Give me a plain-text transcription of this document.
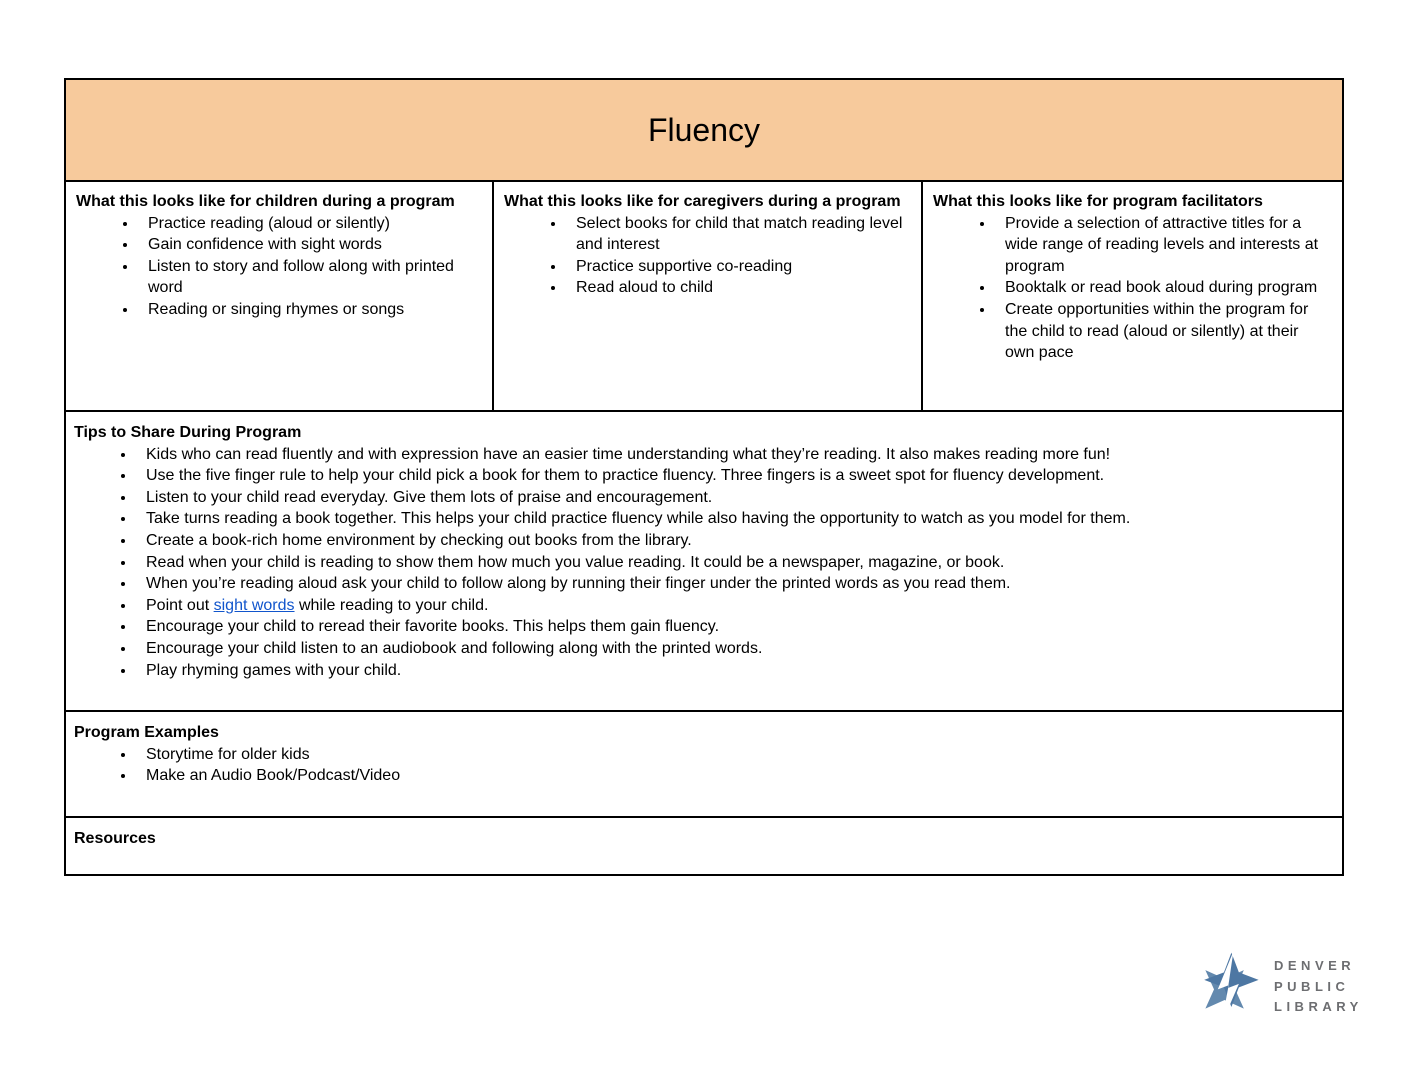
Fluency
What this looks like for children during a program
• Practice reading (aloud or silently)
• Gain confidence with sight words
• Listen to story and follow along with printed word
• Reading or singing rhymes or songs
What this looks like for caregivers during a program
• Select books for child that match reading level and interest
• Practice supportive co-reading
• Read aloud to child
What this looks like for program facilitators
• Provide a selection of attractive titles for a wide range of reading levels and interests at program
• Booktalk or read book aloud during program
• Create opportunities within the program for the child to read (aloud or silently) at their own pace
Tips to Share During Program
• Kids who can read fluently and with expression have an easier time understanding what they’re reading. It also makes reading more fun!
• Use the five finger rule to help your child pick a book for them to practice fluency. Three fingers is a sweet spot for fluency development.
• Listen to your child read everyday. Give them lots of praise and encouragement.
• Take turns reading a book together. This helps your child practice fluency while also having the opportunity to watch as you model for them.
• Create a book-rich home environment by checking out books from the library.
• Read when your child is reading to show them how much you value reading. It could be a newspaper, magazine, or book.
• When you’re reading aloud ask your child to follow along by running their finger under the printed words as you read them.
• Point out sight words while reading to your child.
• Encourage your child to reread their favorite books. This helps them gain fluency.
• Encourage your child listen to an audiobook and following along with the printed words.
• Play rhyming games with your child.
Program Examples
• Storytime for older kids
• Make an Audio Book/Podcast/Video
Resources
DENVER
PUBLIC
LIBRARY
